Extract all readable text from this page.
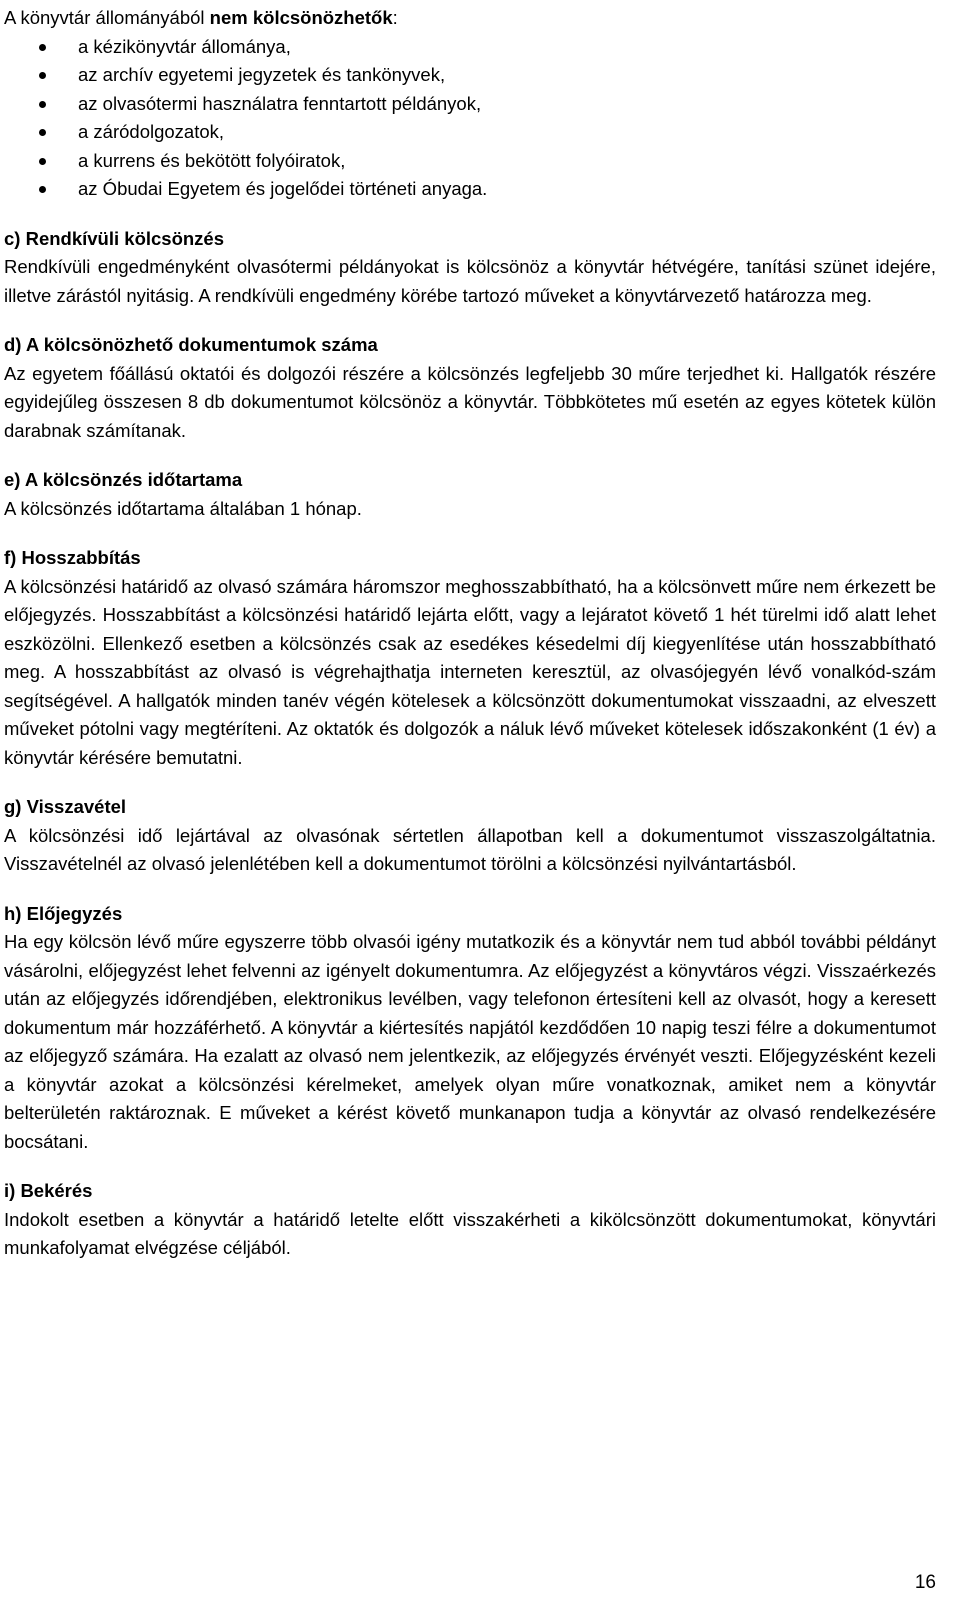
A könyvtár állományából nem kölcsönözhetők:

a kézikönyvtár állománya,
az archív egyetemi jegyzetek és tankönyvek,
az olvasótermi használatra fenntartott példányok,
a záródolgozatok,
a kurrens és bekötött folyóiratok,
az Óbudai Egyetem és jogelődei történeti anyaga.
c) Rendkívüli kölcsönzés

Rendkívüli engedményként olvasótermi példányokat is kölcsönöz a könyvtár hétvégére, tanítási szünet idejére, illetve zárástól nyitásig. A rendkívüli engedmény körébe tartozó műveket a könyvtárvezető határozza meg.

d) A kölcsönözhető dokumentumok száma

Az egyetem főállású oktatói és dolgozói részére a kölcsönzés legfeljebb 30 műre terjedhet ki. Hallgatók részére egyidejűleg összesen 8 db dokumentumot kölcsönöz a könyvtár. Többkötetes mű esetén az egyes kötetek külön darabnak számítanak.

e) A kölcsönzés időtartama

A kölcsönzés időtartama általában 1 hónap.

f) Hosszabbítás

A kölcsönzési határidő az olvasó számára háromszor meghosszabbítható, ha a kölcsönvett műre nem érkezett be előjegyzés. Hosszabbítást a kölcsönzési határidő lejárta előtt, vagy a lejáratot követő 1 hét türelmi idő alatt lehet eszközölni. Ellenkező esetben a kölcsönzés csak az esedékes késedelmi díj kiegyenlítése után hosszabbítható meg. A hosszabbítást az olvasó is végrehajthatja interneten keresztül, az olvasójegyén lévő vonalkód-szám segítségével. A hallgatók minden tanév végén kötelesek a kölcsönzött dokumentumokat visszaadni, az elveszett műveket pótolni vagy megtéríteni. Az oktatók és dolgozók a náluk lévő műveket kötelesek időszakonként (1 év) a könyvtár kérésére bemutatni.

g) Visszavétel

A kölcsönzési idő lejártával az olvasónak sértetlen állapotban kell a dokumentumot visszaszolgáltatnia. Visszavételnél az olvasó jelenlétében kell a dokumentumot törölni a kölcsönzési nyilvántartásból.

h) Előjegyzés

Ha egy kölcsön lévő műre egyszerre több olvasói igény mutatkozik és a könyvtár nem tud abból további példányt vásárolni, előjegyzést lehet felvenni az igényelt dokumentumra. Az előjegyzést a könyvtáros végzi. Visszaérkezés után az előjegyzés időrendjében, elektronikus levélben, vagy telefonon értesíteni kell az olvasót, hogy a keresett dokumentum már hozzáférhető. A könyvtár a kiértesítés napjától kezdődően 10 napig teszi félre a dokumentumot az előjegyző számára. Ha ezalatt az olvasó nem jelentkezik, az előjegyzés érvényét veszti. Előjegyzésként kezeli a könyvtár azokat a kölcsönzési kérelmeket, amelyek olyan műre vonatkoznak, amiket nem a könyvtár belterületén raktároznak. E műveket a kérést követő munkanapon tudja a könyvtár az olvasó rendelkezésére bocsátani.

i) Bekérés

Indokolt esetben a könyvtár a határidő letelte előtt visszakérheti a kikölcsönzött dokumentumokat, könyvtári munkafolyamat elvégzése céljából.

16
